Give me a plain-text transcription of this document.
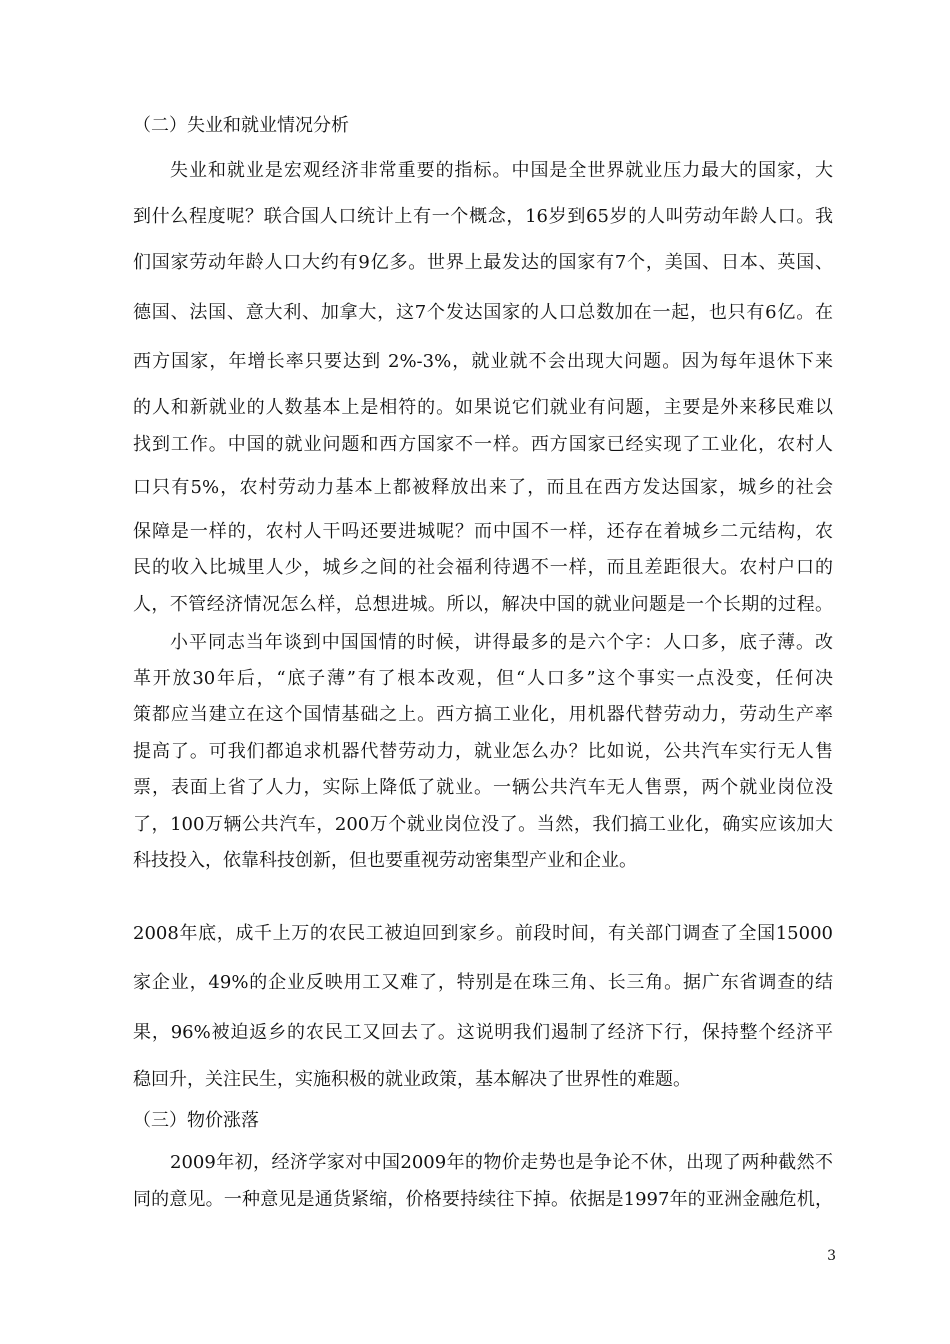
（二）失业和就业情况分析
失业和就业是宏观经济非常重要的指标。中国是全世界就业压力最大的国家，大
到什么程度呢？联合国人口统计上有一个概念，16岁到65岁的人叫劳动年龄人口。我
们国家劳动年龄人口大约有9亿多。世界上最发达的国家有7个，美国、日本、英国、
德国、法国、意大利、加拿大，这7个发达国家的人口总数加在一起，也只有6亿。在
西方国家，年增长率只要达到 2%-3%，就业就不会出现大问题。因为每年退休下来
的人和新就业的人数基本上是相符的。如果说它们就业有问题，主要是外来移民难以
找到工作。中国的就业问题和西方国家不一样。西方国家已经实现了工业化，农村人
口只有5%，农村劳动力基本上都被释放出来了，而且在西方发达国家，城乡的社会
保障是一样的，农村人干吗还要进城呢？而中国不一样，还存在着城乡二元结构，农
民的收入比城里人少，城乡之间的社会福利待遇不一样，而且差距很大。农村户口的
人，不管经济情况怎么样，总想进城。所以，解决中国的就业问题是一个长期的过程。
小平同志当年谈到中国国情的时候，讲得最多的是六个字：人口多，底子薄。改
革开放30年后，“底子薄”有了根本改观，但“人口多”这个事实一点没变，任何决
策都应当建立在这个国情基础之上。西方搞工业化，用机器代替劳动力，劳动生产率
提高了。可我们都追求机器代替劳动力，就业怎么办？比如说，公共汽车实行无人售
票，表面上省了人力，实际上降低了就业。一辆公共汽车无人售票，两个就业岗位没
了，100万辆公共汽车，200万个就业岗位没了。当然，我们搞工业化，确实应该加大
科技投入，依靠科技创新，但也要重视劳动密集型产业和企业。
2008年底，成千上万的农民工被迫回到家乡。前段时间，有关部门调查了全国15000
家企业，49%的企业反映用工又难了，特别是在珠三角、长三角。据广东省调查的结
果，96%被迫返乡的农民工又回去了。这说明我们遏制了经济下行，保持整个经济平
稳回升，关注民生，实施积极的就业政策，基本解决了世界性的难题。
（三）物价涨落
2009年初，经济学家对中国2009年的物价走势也是争论不休，出现了两种截然不
同的意见。一种意见是通货紧缩，价格要持续往下掉。依据是1997年的亚洲金融危机，
3
